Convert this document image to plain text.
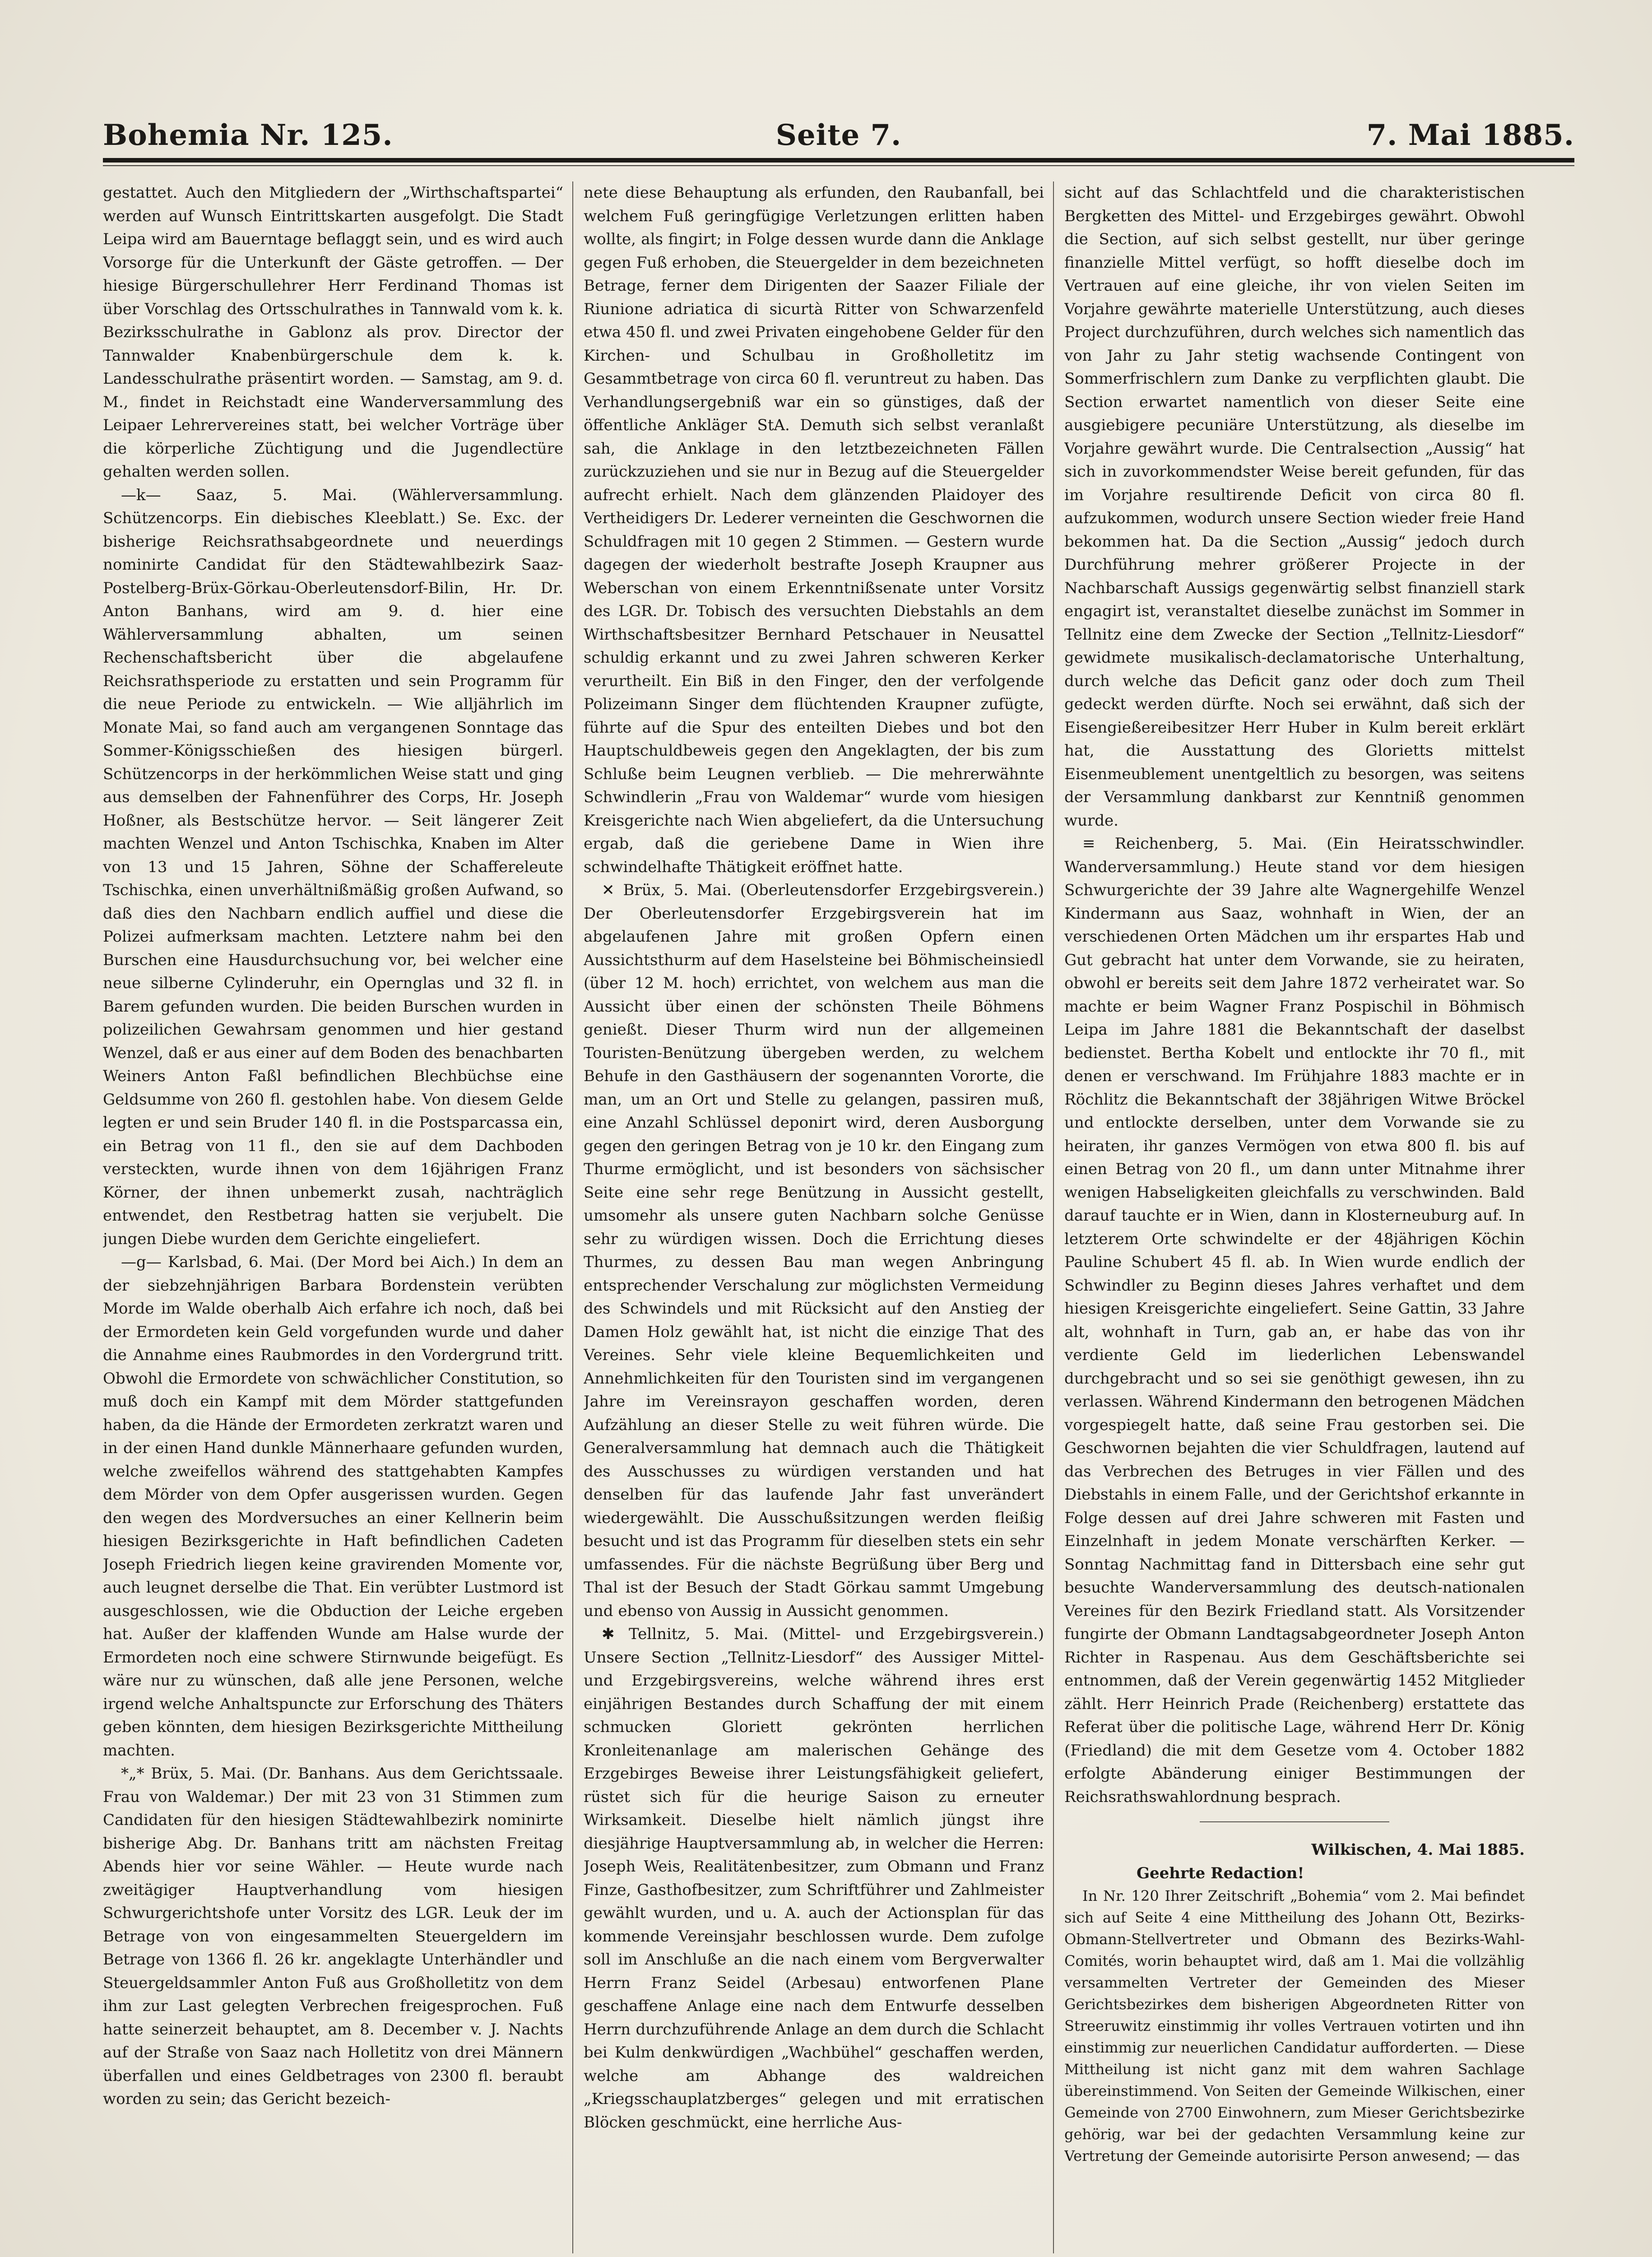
Bohemia Nr. 125.	Seite 7.	7. Mai 1885.

gestattet. Auch den Mitgliedern der „Wirthschaftspartei“ werden auf Wunsch Eintrittskarten ausgefolgt. Die Stadt Leipa wird am Bauerntage beflaggt sein, und es wird auch Vorsorge für die Unterkunft der Gäste getroffen. — Der hiesige Bürgerschullehrer Herr Ferdinand Thomas ist über Vorschlag des Ortsschulrathes in Tannwald vom k. k. Bezirksschulrathe in Gablonz als prov. Director der Tannwalder Knabenbürgerschule dem k. k. Landesschulrathe präsentirt worden. — Samstag, am 9. d. M., findet in Reichstadt eine Wanderversammlung des Leipaer Lehrervereines statt, bei welcher Vorträge über die körperliche Züchtigung und die Jugendlectüre gehalten werden sollen.

—k— Saaz, 5. Mai. (Wählerversammlung. Schützencorps. Ein diebisches Kleeblatt.) Se. Exc. der bisherige Reichsrathsabgeordnete und neuerdings nominirte Candidat für den Städtewahlbezirk Saaz-Postelberg-Brüx-Görkau-Oberleutensdorf-Bilin, Hr. Dr. Anton Banhans, wird am 9. d. hier eine Wählerversammlung abhalten, um seinen Rechenschaftsbericht über die abgelaufene Reichsrathsperiode zu erstatten und sein Programm für die neue Periode zu entwickeln. — Wie alljährlich im Monate Mai, so fand auch am vergangenen Sonntage das Sommer-Königsschießen des hiesigen bürgerl. Schützencorps in der herkömmlichen Weise statt und ging aus demselben der Fahnenführer des Corps, Hr. Joseph Hoßner, als Bestschütze hervor. — Seit längerer Zeit machten Wenzel und Anton Tschischka, Knaben im Alter von 13 und 15 Jahren, Söhne der Schaffereleute Tschischka, einen unverhältnißmäßig großen Aufwand, so daß dies den Nachbarn endlich auffiel und diese die Polizei aufmerksam machten. Letztere nahm bei den Burschen eine Hausdurchsuchung vor, bei welcher eine neue silberne Cylinderuhr, ein Opernglas und 32 fl. in Barem gefunden wurden. Die beiden Burschen wurden in polizeilichen Gewahrsam genommen und hier gestand Wenzel, daß er aus einer auf dem Boden des benachbarten Weiners Anton Faßl befindlichen Blechbüchse eine Geldsumme von 260 fl. gestohlen habe. Von diesem Gelde legten er und sein Bruder 140 fl. in die Postsparcassa ein, ein Betrag von 11 fl., den sie auf dem Dachboden versteckten, wurde ihnen von dem 16jährigen Franz Körner, der ihnen unbemerkt zusah, nachträglich entwendet, den Restbetrag hatten sie verjubelt. Die jungen Diebe wurden dem Gerichte eingeliefert.

—g— Karlsbad, 6. Mai. (Der Mord bei Aich.) In dem an der siebzehnjährigen Barbara Bordenstein verübten Morde im Walde oberhalb Aich erfahre ich noch, daß bei der Ermordeten kein Geld vorgefunden wurde und daher die Annahme eines Raubmordes in den Vordergrund tritt. Obwohl die Ermordete von schwächlicher Constitution, so muß doch ein Kampf mit dem Mörder stattgefunden haben, da die Hände der Ermordeten zerkratzt waren und in der einen Hand dunkle Männerhaare gefunden wurden, welche zweifellos während des stattgehabten Kampfes dem Mörder von dem Opfer ausgerissen wurden. Gegen den wegen des Mordversuches an einer Kellnerin beim hiesigen Bezirksgerichte in Haft befindlichen Cadeten Joseph Friedrich liegen keine gravirenden Momente vor, auch leugnet derselbe die That. Ein verübter Lustmord ist ausgeschlossen, wie die Obduction der Leiche ergeben hat. Außer der klaffenden Wunde am Halse wurde der Ermordeten noch eine schwere Stirnwunde beigefügt. Es wäre nur zu wünschen, daß alle jene Personen, welche irgend welche Anhaltspuncte zur Erforschung des Thäters geben könnten, dem hiesigen Bezirksgerichte Mittheilung machten.

*„* Brüx, 5. Mai. (Dr. Banhans. Aus dem Gerichtssaale. Frau von Waldemar.) Der mit 23 von 31 Stimmen zum Candidaten für den hiesigen Städtewahlbezirk nominirte bisherige Abg. Dr. Banhans tritt am nächsten Freitag Abends hier vor seine Wähler. — Heute wurde nach zweitägiger Hauptverhandlung vom hiesigen Schwurgerichtshofe unter Vorsitz des LGR. Leuk der im Betrage von von eingesammelten Steuergeldern im Betrage von 1366 fl. 26 kr. angeklagte Unterhändler und Steuergeldsammler Anton Fuß aus Großholletitz von dem ihm zur Last gelegten Verbrechen freigesprochen. Fuß hatte seinerzeit behauptet, am 8. December v. J. Nachts auf der Straße von Saaz nach Holletitz von drei Männern überfallen und eines Geldbetrages von 2300 fl. beraubt worden zu sein; das Gericht bezeich-

nete diese Behauptung als erfunden, den Raubanfall, bei welchem Fuß geringfügige Verletzungen erlitten haben wollte, als fingirt; in Folge dessen wurde dann die Anklage gegen Fuß erhoben, die Steuergelder in dem bezeichneten Betrage, ferner dem Dirigenten der Saazer Filiale der Riunione adriatica di sicurtà Ritter von Schwarzenfeld etwa 450 fl. und zwei Privaten eingehobene Gelder für den Kirchen- und Schulbau in Großholletitz im Gesammtbetrage von circa 60 fl. veruntreut zu haben. Das Verhandlungsergebniß war ein so günstiges, daß der öffentliche Ankläger StA. Demuth sich selbst veranlaßt sah, die Anklage in den letztbezeichneten Fällen zurückzuziehen und sie nur in Bezug auf die Steuergelder aufrecht erhielt. Nach dem glänzenden Plaidoyer des Vertheidigers Dr. Lederer verneinten die Geschwornen die Schuldfragen mit 10 gegen 2 Stimmen. — Gestern wurde dagegen der wiederholt bestrafte Joseph Kraupner aus Weberschan von einem Erkenntnißsenate unter Vorsitz des LGR. Dr. Tobisch des versuchten Diebstahls an dem Wirthschaftsbesitzer Bernhard Petschauer in Neusattel schuldig erkannt und zu zwei Jahren schweren Kerker verurtheilt. Ein Biß in den Finger, den der verfolgende Polizeimann Singer dem flüchtenden Kraupner zufügte, führte auf die Spur des enteilten Diebes und bot den Hauptschuldbeweis gegen den Angeklagten, der bis zum Schluße beim Leugnen verblieb. — Die mehrerwähnte Schwindlerin „Frau von Waldemar“ wurde vom hiesigen Kreisgerichte nach Wien abgeliefert, da die Untersuchung ergab, daß die geriebene Dame in Wien ihre schwindelhafte Thätigkeit eröffnet hatte.

✕ Brüx, 5. Mai. (Oberleutensdorfer Erzgebirgsverein.) Der Oberleutensdorfer Erzgebirgsverein hat im abgelaufenen Jahre mit großen Opfern einen Aussichtsthurm auf dem Haselsteine bei Böhmischeinsiedl (über 12 M. hoch) errichtet, von welchem aus man die Aussicht über einen der schönsten Theile Böhmens genießt. Dieser Thurm wird nun der allgemeinen Touristen-Benützung übergeben werden, zu welchem Behufe in den Gasthäusern der sogenannten Vororte, die man, um an Ort und Stelle zu gelangen, passiren muß, eine Anzahl Schlüssel deponirt wird, deren Ausborgung gegen den geringen Betrag von je 10 kr. den Eingang zum Thurme ermöglicht, und ist besonders von sächsischer Seite eine sehr rege Benützung in Aussicht gestellt, umsomehr als unsere guten Nachbarn solche Genüsse sehr zu würdigen wissen. Doch die Errichtung dieses Thurmes, zu dessen Bau man wegen Anbringung entsprechender Verschalung zur möglichsten Vermeidung des Schwindels und mit Rücksicht auf den Anstieg der Damen Holz gewählt hat, ist nicht die einzige That des Vereines. Sehr viele kleine Bequemlichkeiten und Annehmlichkeiten für den Touristen sind im vergangenen Jahre im Vereinsrayon geschaffen worden, deren Aufzählung an dieser Stelle zu weit führen würde. Die Generalversammlung hat demnach auch die Thätigkeit des Ausschusses zu würdigen verstanden und hat denselben für das laufende Jahr fast unverändert wiedergewählt. Die Ausschußsitzungen werden fleißig besucht und ist das Programm für dieselben stets ein sehr umfassendes. Für die nächste Begrüßung über Berg und Thal ist der Besuch der Stadt Görkau sammt Umgebung und ebenso von Aussig in Aussicht genommen.

✱ Tellnitz, 5. Mai. (Mittel- und Erzgebirgsverein.) Unsere Section „Tellnitz-Liesdorf“ des Aussiger Mittel- und Erzgebirgsvereins, welche während ihres erst einjährigen Bestandes durch Schaffung der mit einem schmucken Gloriett gekrönten herrlichen Kronleitenanlage am malerischen Gehänge des Erzgebirges Beweise ihrer Leistungsfähigkeit geliefert, rüstet sich für die heurige Saison zu erneuter Wirksamkeit. Dieselbe hielt nämlich jüngst ihre diesjährige Hauptversammlung ab, in welcher die Herren: Joseph Weis, Realitätenbesitzer, zum Obmann und Franz Finze, Gasthofbesitzer, zum Schriftführer und Zahlmeister gewählt wurden, und u. A. auch der Actionsplan für das kommende Vereinsjahr beschlossen wurde. Dem zufolge soll im Anschluße an die nach einem vom Bergverwalter Herrn Franz Seidel (Arbesau) entworfenen Plane geschaffene Anlage eine nach dem Entwurfe desselben Herrn durchzuführende Anlage an dem durch die Schlacht bei Kulm denkwürdigen „Wachbühel“ geschaffen werden, welche am Abhange des waldreichen „Kriegsschauplatzberges“ gelegen und mit erratischen Blöcken geschmückt, eine herrliche Aus-

sicht auf das Schlachtfeld und die charakteristischen Bergketten des Mittel- und Erzgebirges gewährt. Obwohl die Section, auf sich selbst gestellt, nur über geringe finanzielle Mittel verfügt, so hofft dieselbe doch im Vertrauen auf eine gleiche, ihr von vielen Seiten im Vorjahre gewährte materielle Unterstützung, auch dieses Project durchzuführen, durch welches sich namentlich das von Jahr zu Jahr stetig wachsende Contingent von Sommerfrischlern zum Danke zu verpflichten glaubt. Die Section erwartet namentlich von dieser Seite eine ausgiebigere pecuniäre Unterstützung, als dieselbe im Vorjahre gewährt wurde. Die Centralsection „Aussig“ hat sich in zuvorkommendster Weise bereit gefunden, für das im Vorjahre resultirende Deficit von circa 80 fl. aufzukommen, wodurch unsere Section wieder freie Hand bekommen hat. Da die Section „Aussig“ jedoch durch Durchführung mehrer größerer Projecte in der Nachbarschaft Aussigs gegenwärtig selbst finanziell stark engagirt ist, veranstaltet dieselbe zunächst im Sommer in Tellnitz eine dem Zwecke der Section „Tellnitz-Liesdorf“ gewidmete musikalisch-declamatorische Unterhaltung, durch welche das Deficit ganz oder doch zum Theil gedeckt werden dürfte. Noch sei erwähnt, daß sich der Eisengießereibesitzer Herr Huber in Kulm bereit erklärt hat, die Ausstattung des Glorietts mittelst Eisenmeublement unentgeltlich zu besorgen, was seitens der Versammlung dankbarst zur Kenntniß genommen wurde.

≡ Reichenberg, 5. Mai. (Ein Heiratsschwindler. Wanderversammlung.) Heute stand vor dem hiesigen Schwurgerichte der 39 Jahre alte Wagnergehilfe Wenzel Kindermann aus Saaz, wohnhaft in Wien, der an verschiedenen Orten Mädchen um ihr erspartes Hab und Gut gebracht hat unter dem Vorwande, sie zu heiraten, obwohl er bereits seit dem Jahre 1872 verheiratet war. So machte er beim Wagner Franz Pospischil in Böhmisch Leipa im Jahre 1881 die Bekanntschaft der daselbst bedienstet. Bertha Kobelt und entlockte ihr 70 fl., mit denen er verschwand. Im Frühjahre 1883 machte er in Röchlitz die Bekanntschaft der 38jährigen Witwe Bröckel und entlockte derselben, unter dem Vorwande sie zu heiraten, ihr ganzes Vermögen von etwa 800 fl. bis auf einen Betrag von 20 fl., um dann unter Mitnahme ihrer wenigen Habseligkeiten gleichfalls zu verschwinden. Bald darauf tauchte er in Wien, dann in Klosterneuburg auf. In letzterem Orte schwindelte er der 48jährigen Köchin Pauline Schubert 45 fl. ab. In Wien wurde endlich der Schwindler zu Beginn dieses Jahres verhaftet und dem hiesigen Kreisgerichte eingeliefert. Seine Gattin, 33 Jahre alt, wohnhaft in Turn, gab an, er habe das von ihr verdiente Geld im liederlichen Lebenswandel durchgebracht und so sei sie genöthigt gewesen, ihn zu verlassen. Während Kindermann den betrogenen Mädchen vorgespiegelt hatte, daß seine Frau gestorben sei. Die Geschwornen bejahten die vier Schuldfragen, lautend auf das Verbrechen des Betruges in vier Fällen und des Diebstahls in einem Falle, und der Gerichtshof erkannte in Folge dessen auf drei Jahre schweren mit Fasten und Einzelnhaft in jedem Monate verschärften Kerker. — Sonntag Nachmittag fand in Dittersbach eine sehr gut besuchte Wanderversammlung des deutsch-nationalen Vereines für den Bezirk Friedland statt. Als Vorsitzender fungirte der Obmann Landtagsabgeordneter Joseph Anton Richter in Raspenau. Aus dem Geschäftsberichte sei entnommen, daß der Verein gegenwärtig 1452 Mitglieder zählt. Herr Heinrich Prade (Reichenberg) erstattete das Referat über die politische Lage, während Herr Dr. König (Friedland) die mit dem Gesetze vom 4. October 1882 erfolgte Abänderung einiger Bestimmungen der Reichsrathswahlordnung besprach.

Wilkischen, 4. Mai 1885.

Geehrte Redaction!

In Nr. 120 Ihrer Zeitschrift „Bohemia“ vom 2. Mai befindet sich auf Seite 4 eine Mittheilung des Johann Ott, Bezirks-Obmann-Stellvertreter und Obmann des Bezirks-Wahl-Comités, worin behauptet wird, daß am 1. Mai die vollzählig versammelten Vertreter der Gemeinden des Mieser Gerichtsbezirkes dem bisherigen Abgeordneten Ritter von Streeruwitz einstimmig ihr volles Vertrauen votirten und ihn einstimmig zur neuerlichen Candidatur aufforderten. — Diese Mittheilung ist nicht ganz mit dem wahren Sachlage übereinstimmend. Von Seiten der Gemeinde Wilkischen, einer Gemeinde von 2700 Einwohnern, zum Mieser Gerichtsbezirke gehörig, war bei der gedachten Versammlung keine zur Vertretung der Gemeinde autorisirte Person anwesend; — das
